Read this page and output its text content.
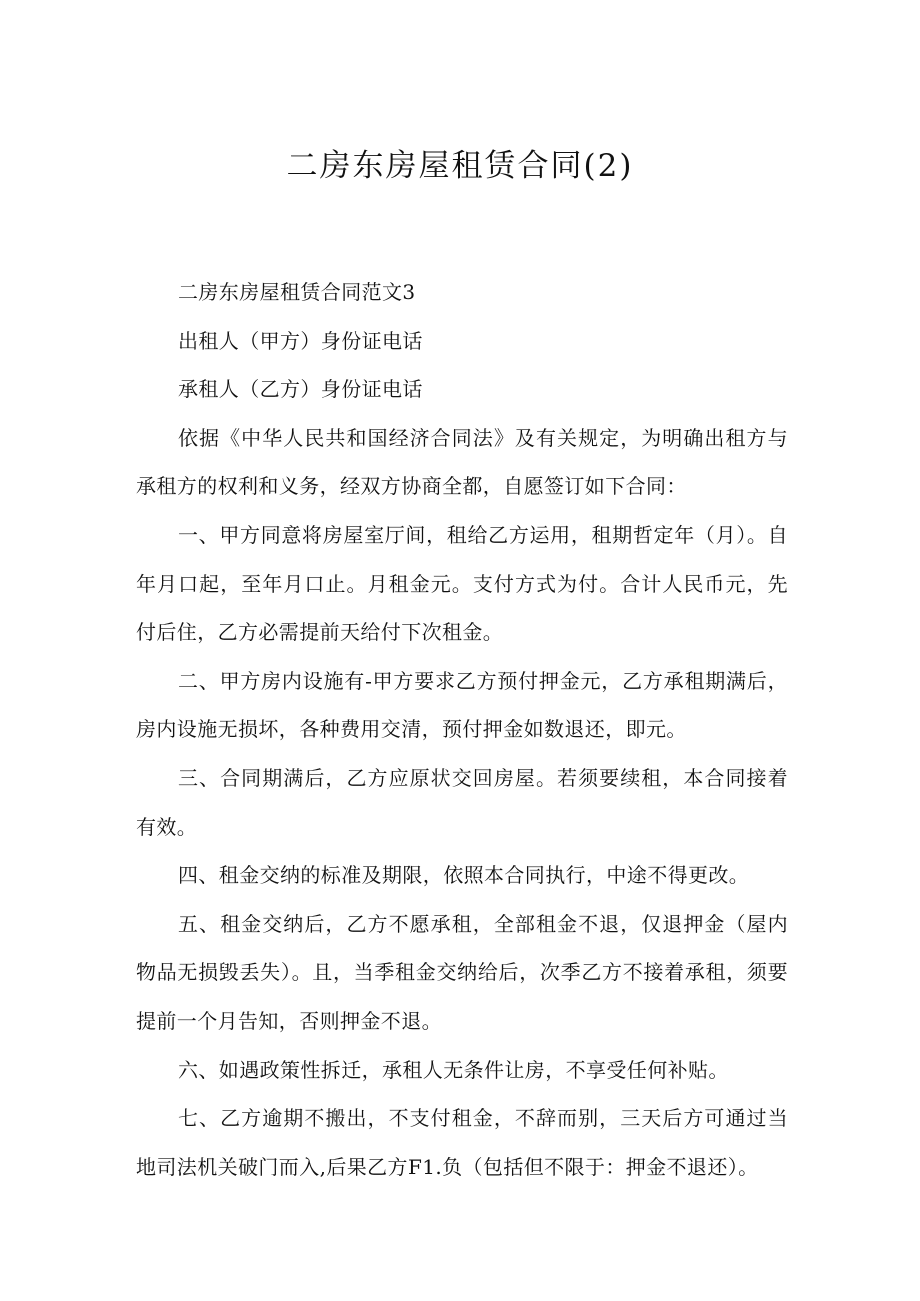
二房东房屋租赁合同(2)

二房东房屋租赁合同范文3

出租人（甲方）身份证电话

承租人（乙方）身份证电话

依据《中华人民共和国经济合同法》及有关规定，为明确出租方与承租方的权利和义务，经双方协商全都，自愿签订如下合同：

一、甲方同意将房屋室厅间，租给乙方运用，租期哲定年（月）。自年月口起，至年月口止。月租金元。支付方式为付。合计人民币元，先付后住，乙方必需提前天给付下次租金。

二、甲方房内设施有-甲方要求乙方预付押金元，乙方承租期满后，房内设施无损坏，各种费用交清，预付押金如数退还，即元。

三、合同期满后，乙方应原状交回房屋。若须要续租，本合同接着有效。

四、租金交纳的标准及期限，依照本合同执行，中途不得更改。

五、租金交纳后，乙方不愿承租，全部租金不退，仅退押金（屋内物品无损毁丢失）。且，当季租金交纳给后，次季乙方不接着承租，须要提前一个月告知，否则押金不退。

六、如遇政策性拆迁，承租人无条件让房，不享受任何补贴。

七、乙方逾期不搬出，不支付租金，不辞而别，三天后方可通过当地司法机关破门而入,后果乙方F1.负（包括但不限于：押金不退还）。
